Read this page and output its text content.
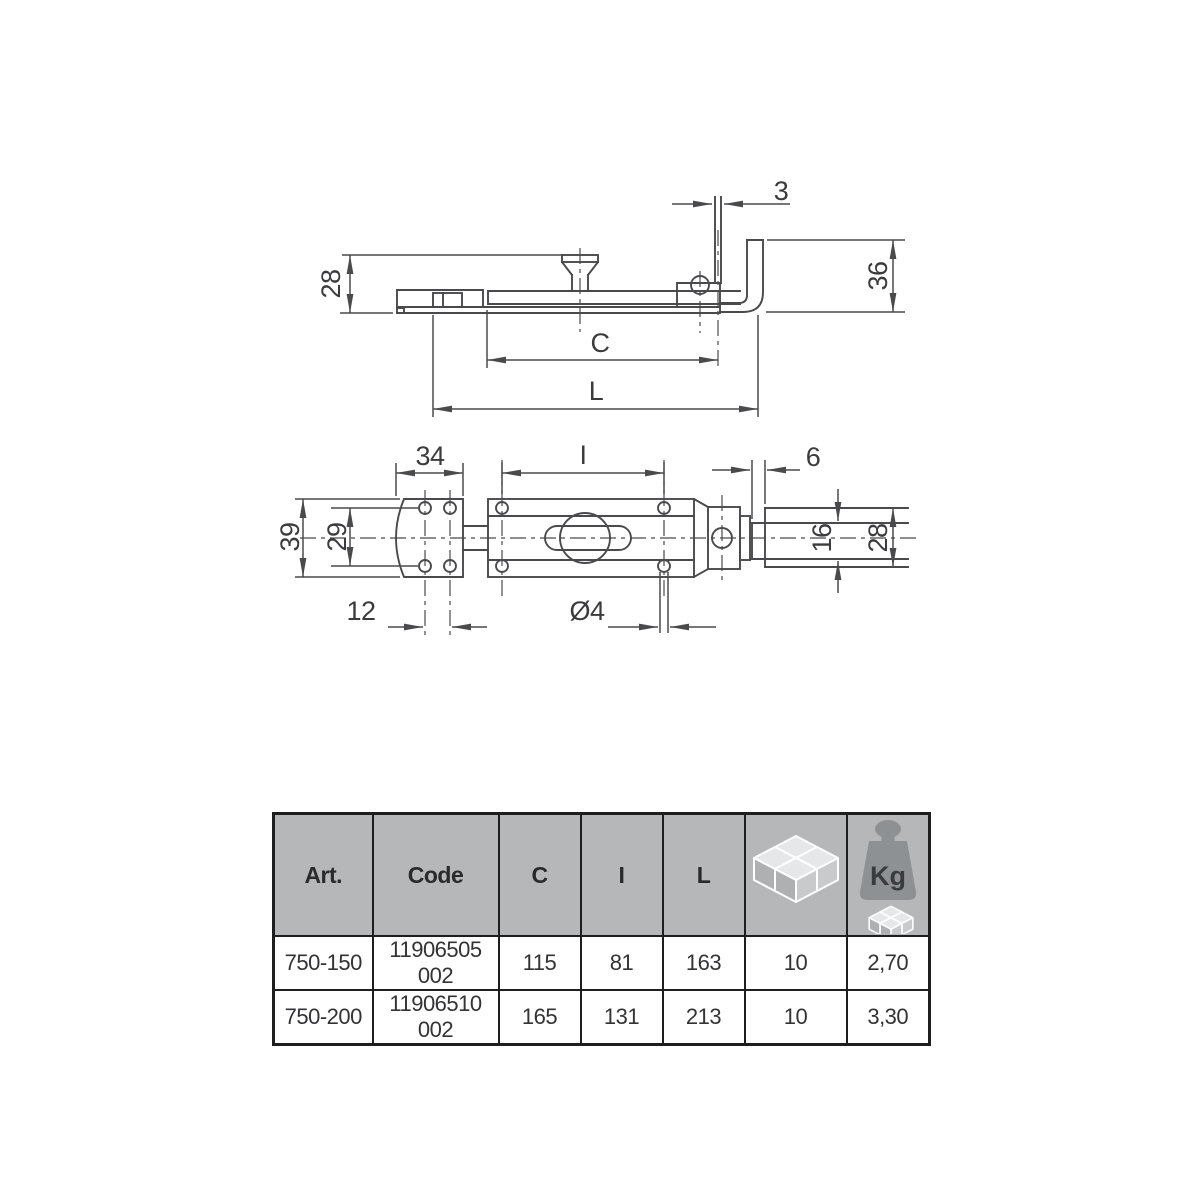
28	36
3
C
L
34	I	6
39 29
12	Ø4
16 28
Art.	Code	C	I	L		Kg

750-150	11906505 002	115	81	163	10	2,70
750-200	11906510 002	165	131	213	10	3,30
